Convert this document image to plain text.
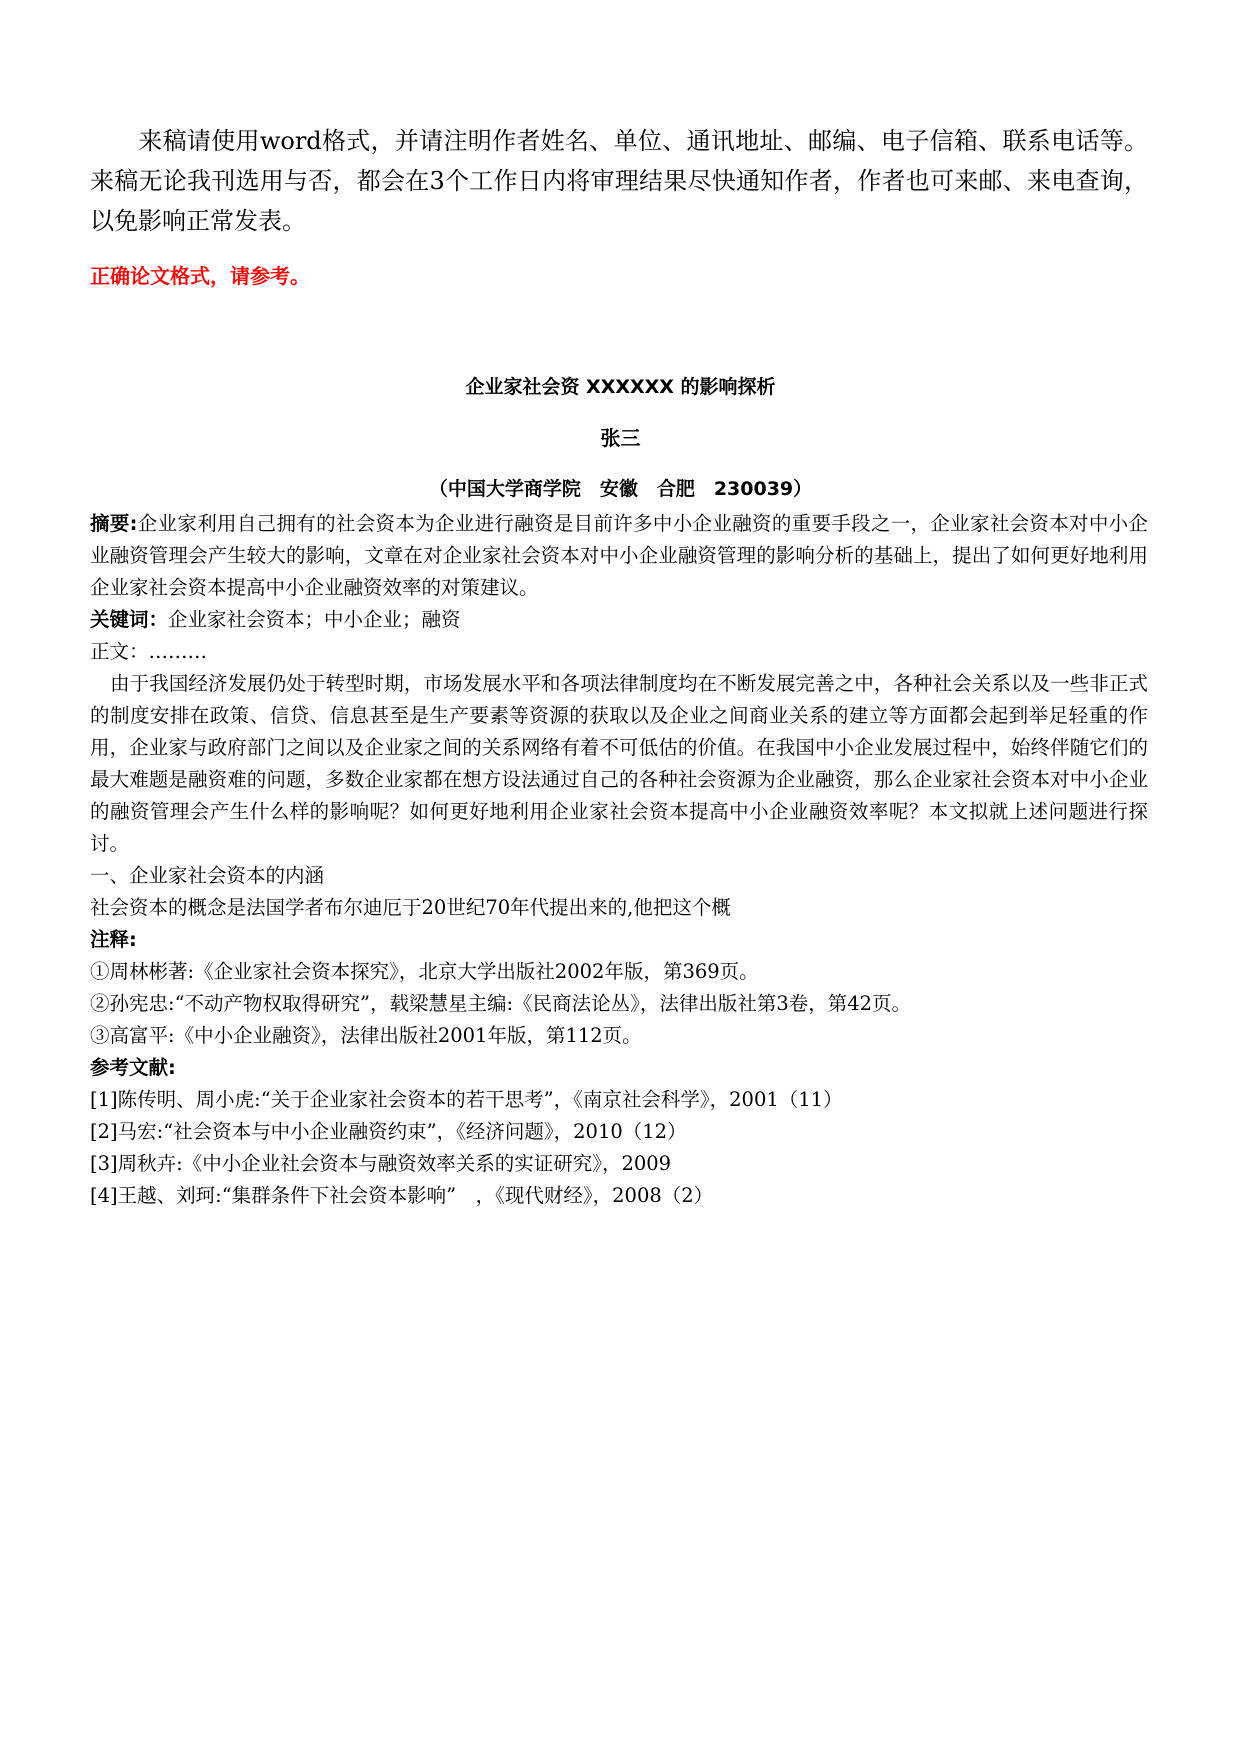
来稿请使用word格式，并请注明作者姓名、单位、通讯地址、邮编、电子信箱、联系电话等。来稿无论我刊选用与否，都会在3个工作日内将审理结果尽快通知作者，作者也可来邮、来电查询，以免影响正常发表。
正确论文格式，请参考。
企业家社会资 XXXXXX 的影响探析
张三
（中国大学商学院　安徽　合肥　230039）

摘要:企业家利用自己拥有的社会资本为企业进行融资是目前许多中小企业融资的重要手段之一，企业家社会资本对中小企业融资管理会产生较大的影响，文章在对企业家社会资本对中小企业融资管理的影响分析的基础上，提出了如何更好地利用企业家社会资本提高中小企业融资效率的对策建议。

关键词：企业家社会资本；中小企业；融资

正文：………

由于我国经济发展仍处于转型时期，市场发展水平和各项法律制度均在不断发展完善之中，各种社会关系以及一些非正式的制度安排在政策、信贷、信息甚至是生产要素等资源的获取以及企业之间商业关系的建立等方面都会起到举足轻重的作用，企业家与政府部门之间以及企业家之间的关系网络有着不可低估的价值。在我国中小企业发展过程中，始终伴随它们的最大难题是融资难的问题，多数企业家都在想方设法通过自己的各种社会资源为企业融资，那么企业家社会资本对中小企业的融资管理会产生什么样的影响呢？如何更好地利用企业家社会资本提高中小企业融资效率呢？本文拟就上述问题进行探讨。

一、企业家社会资本的内涵

社会资本的概念是法国学者布尔迪厄于20世纪70年代提出来的,他把这个概

注释:

①周林彬著:《企业家社会资本探究》，北京大学出版社2002年版，第369页。

②孙宪忠:“不动产物权取得研究”，载梁慧星主编:《民商法论丛》，法律出版社第3卷，第42页。

③高富平:《中小企业融资》，法律出版社2001年版，第112页。

参考文献:

[1]陈传明、周小虎:“关于企业家社会资本的若干思考”，《南京社会科学》，2001（11）

[2]马宏:“社会资本与中小企业融资约束”，《经济问题》，2010（12）

[3]周秋卉:《中小企业社会资本与融资效率关系的实证研究》，2009

[4]王越、刘珂:“集群条件下社会资本影响”　，《现代财经》，2008（2）
